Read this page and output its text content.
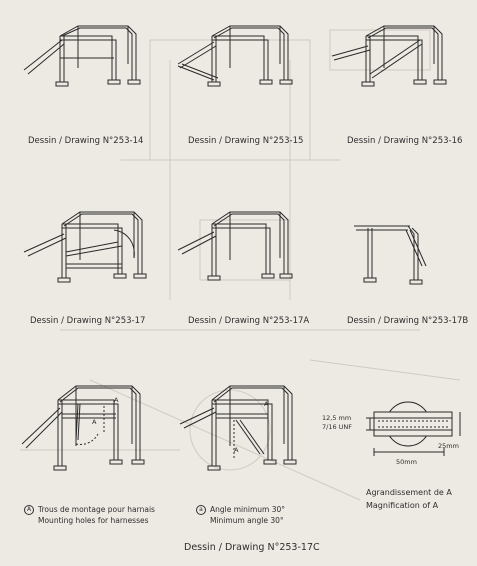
Dessin / Drawing N°253-14	Dessin / Drawing N°253-15	Dessin / Drawing N°253-16
Dessin / Drawing N°253-17	Dessin / Drawing N°253-17A	Dessin / Drawing N°253-17B
A
A
A
A
12,5 mm
7/16 UNF
50mm
25mm
A Trous de montage pour harnais
Mounting holes for harnesses
a Angle minimum 30°
Minimum angle 30°
Agrandissement de A
Magnification of A
Dessin / Drawing N°253-17C
